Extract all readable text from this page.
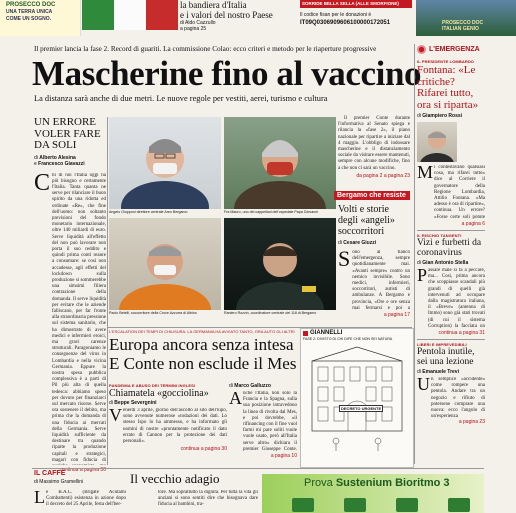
PROSECCO DOC
UNA TERRA UNICA
COME UN SOGNO.
la bandiera d'Italia
e i valori del nostro Paese
di Aldo Cazzullo
a pagina 25
SORRIDE BELLA SELLA (ALLE SMORFIONE)
Il codice fisan per le donazioni è
IT09Q0306909606100000172051	PROSECCO DOC
ITALIAN GENIO
Il premier lancia la fase 2. Record di guariti. La commissione Colao: ecco criteri e metodo per le riaperture progressive
Mascherine fino al vaccino
La distanza sarà anche di due metri. Le nuove regole per vestiti, aerei, turismo e cultura
UN ERRORE VOLER FARE DA SOLI
di Alberto Alesina
e Francesco Giavazzi
C hi di noi l'Italia oggi ha più bisogno e certamente l'Italia. Tanta quanta ne serve per rilanciare il buon spirito da una ridotta ed ordinate «Re», che fine dell'uomo: non soltanto previsioni del fondo monetario internazionale, oltre 140 miliardi di euro. Serve liquidità all'effetto del non può lavorare non porta il suo reddito e quindi prima conti reanre a consumare: se così non accadesse, agli effetti del lockdown sulla produzione si sommerebbe una simsimi filiera contrazione della domanda. Il serve liquidità per evitare che le aziende falliscano, per far fronte alla straordinaria pressione sul sistema sanitario, che ha dimostrato di avere medici e infermieri eroici, ma gravi carenze strutturali. Paragoniamo le conseguenze del virus in Lombardia e nella vicina Germania. Eppure la nostra spesa pubblica complessiva è a parti di Pil più alta di quella tedesca: abbiamo speso per dovuto per finanziarci sul mercato risorse. Serve ora sostenere il debito, ma prima che la domanda di una fiducia ai mercati della Germania. Serve liquidità sufficiente da destinare tra quando riparte la produzione capitali e strategici, magari con fiducia di
continua a pagina 30
Angelo Giupponi direttore centrale Areu Bergamo	Fra Mauro, uno dei cappellani dell'ospedale Papa Giovanni
Paolo Betelli, soccorritore della Croce Azzurra di Albino	Raniero Rozzin, coordinatore centrale del 118 di Bergamo
Il premier Conte durante l'informativa al Senato spiega e rilancia la «fase 2», il piano nazionale per ripartire a iniziare dal 4 maggio. L'obbligo di indossare mascherine e il distanziamento sociale da visitare essere mantenuti, sempre con alcune modifiche, fino a che non ci sarà un vaccino.
da pagina 2 a pagina 23
Bergamo che resiste
Volti e storie degli «angeli» soccorritori
di Cesare Giuzzi
S ono al fianco dell'emergenza, sempre quotidianamente mai. «Avanti sempre» contro un nemico invisibile. Sono medici, infermieri, soccorritori, autisti di ambulanze. A Bergamo e provincia, «Ore e ore senza mai fermarsi e poi a
a pagina 17
L'EMERGENZA
IL PRESIDENTE LOMBARDO
Fontana: «Le critiche? Rifarei tutto, ora si riparta»
di Giampiero Rossi
M i contestavano qualsiasi cosa, ma rifarei tutto» dice al Corriere il governatore della Regione Lombardia, Attilio Fontana. «Ma adesso è ora di ripartire», continua. Un errore? «Forse certe soli potute
a pagina 6
IL RISCHIO TANGENTI
Vizi e furbetti da coronavirus
di Gian Antonio Stella
P assare male si fa a peccare, ma... Così, prima ancora che scoppiasse scandali più grandi di quelli già intervenuti ad occupare dalla magistratura italiana, il «Breve» (antenna di Immo) sono già stati trovati (di cui il sistema Corruption) la facciata un
continua a pagina 31
LIBERI E IMPREVEDIBILI
Pentola inutile, sei una lezione
di Emanuele Trevi
U n semplice «accidente» come rompere una pentola. Andare tra un negozio e rifiuto di potersene comprare una nuova: ecco l'angolo di un'esperienza
a pagina 23
L'ESCALATION DEI TEMPI DI CHIUSURA. LA GERMANIA HA AVVIATO TANTO, ORA AUTO GLI ALTRI
Europa ancora senza intesa
E Conte non esclude il Mes
PANDEMIA E ABUSO DEI TERMINI INGLESI
Chiamatela «gocciolina»
di Beppe Severgnini
V enerdì 3 aprile, giorno dell'ascolto al sito dell'lupo, sono avvenute numerose «todazioni dei dati. Lo stesso Ispo lo ha ammesso, e ha informato gli uomini di nostre «prontamente notificato il dato errato di Cannon per la protezione dei dati personali».
continua a pagina 30
di Marco Galluzzo
A nche l'Italia, non solo la Francia e la Spagna, sulla sua posizione intravedono la linea di rivolta dal Mes, e poi dovrebbe, «il rifinancing con il fine vuol farmi mi pare soliti vuole vuole usato, però all'Italia serve altro» dichiara il premier Giuseppe Conte.
a pagina 10
GIANNELLI
FASE 2: DIVISTO DI CHI DIFE CHE NON SEI NATURA
DECRETO URGENTE
IL CAFFÈ
di Massimo Gramellini	Il vecchio adagio
L e B.A.C. (Brigate Acutami Combattenti) esistenza in azione dopo il decreto del 25 Aprile, festa dell'ber-
tore. Ma soprattutto la dignità. Per tutta la vita gli anziani si sono sentiti dire che bisognava dare fiducia al bambini, tra-
Prova Sustenium Bioritmo 3
